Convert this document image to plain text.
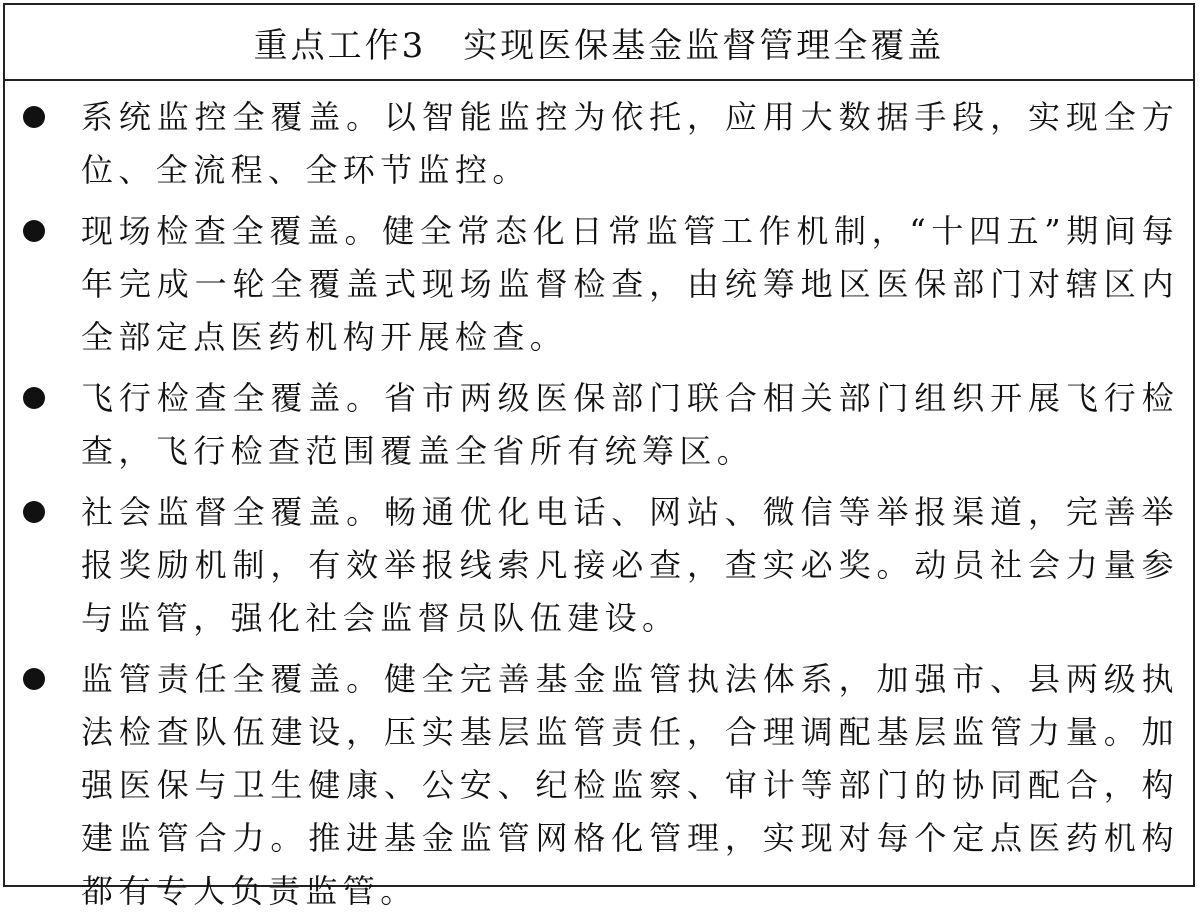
重点工作3　实现医保基金监督管理全覆盖
系统监控全覆盖。以智能监控为依托，应用大数据手段，实现全方位、全流程、全环节监控。
现场检查全覆盖。健全常态化日常监管工作机制，“十四五”期间每年完成一轮全覆盖式现场监督检查，由统筹地区医保部门对辖区内全部定点医药机构开展检查。
飞行检查全覆盖。省市两级医保部门联合相关部门组织开展飞行检查，飞行检查范围覆盖全省所有统筹区。
社会监督全覆盖。畅通优化电话、网站、微信等举报渠道，完善举报奖励机制，有效举报线索凡接必查，查实必奖。动员社会力量参与监管，强化社会监督员队伍建设。
监管责任全覆盖。健全完善基金监管执法体系，加强市、县两级执法检查队伍建设，压实基层监管责任，合理调配基层监管力量。加强医保与卫生健康、公安、纪检监察、审计等部门的协同配合，构建监管合力。推进基金监管网格化管理，实现对每个定点医药机构都有专人负责监管。
